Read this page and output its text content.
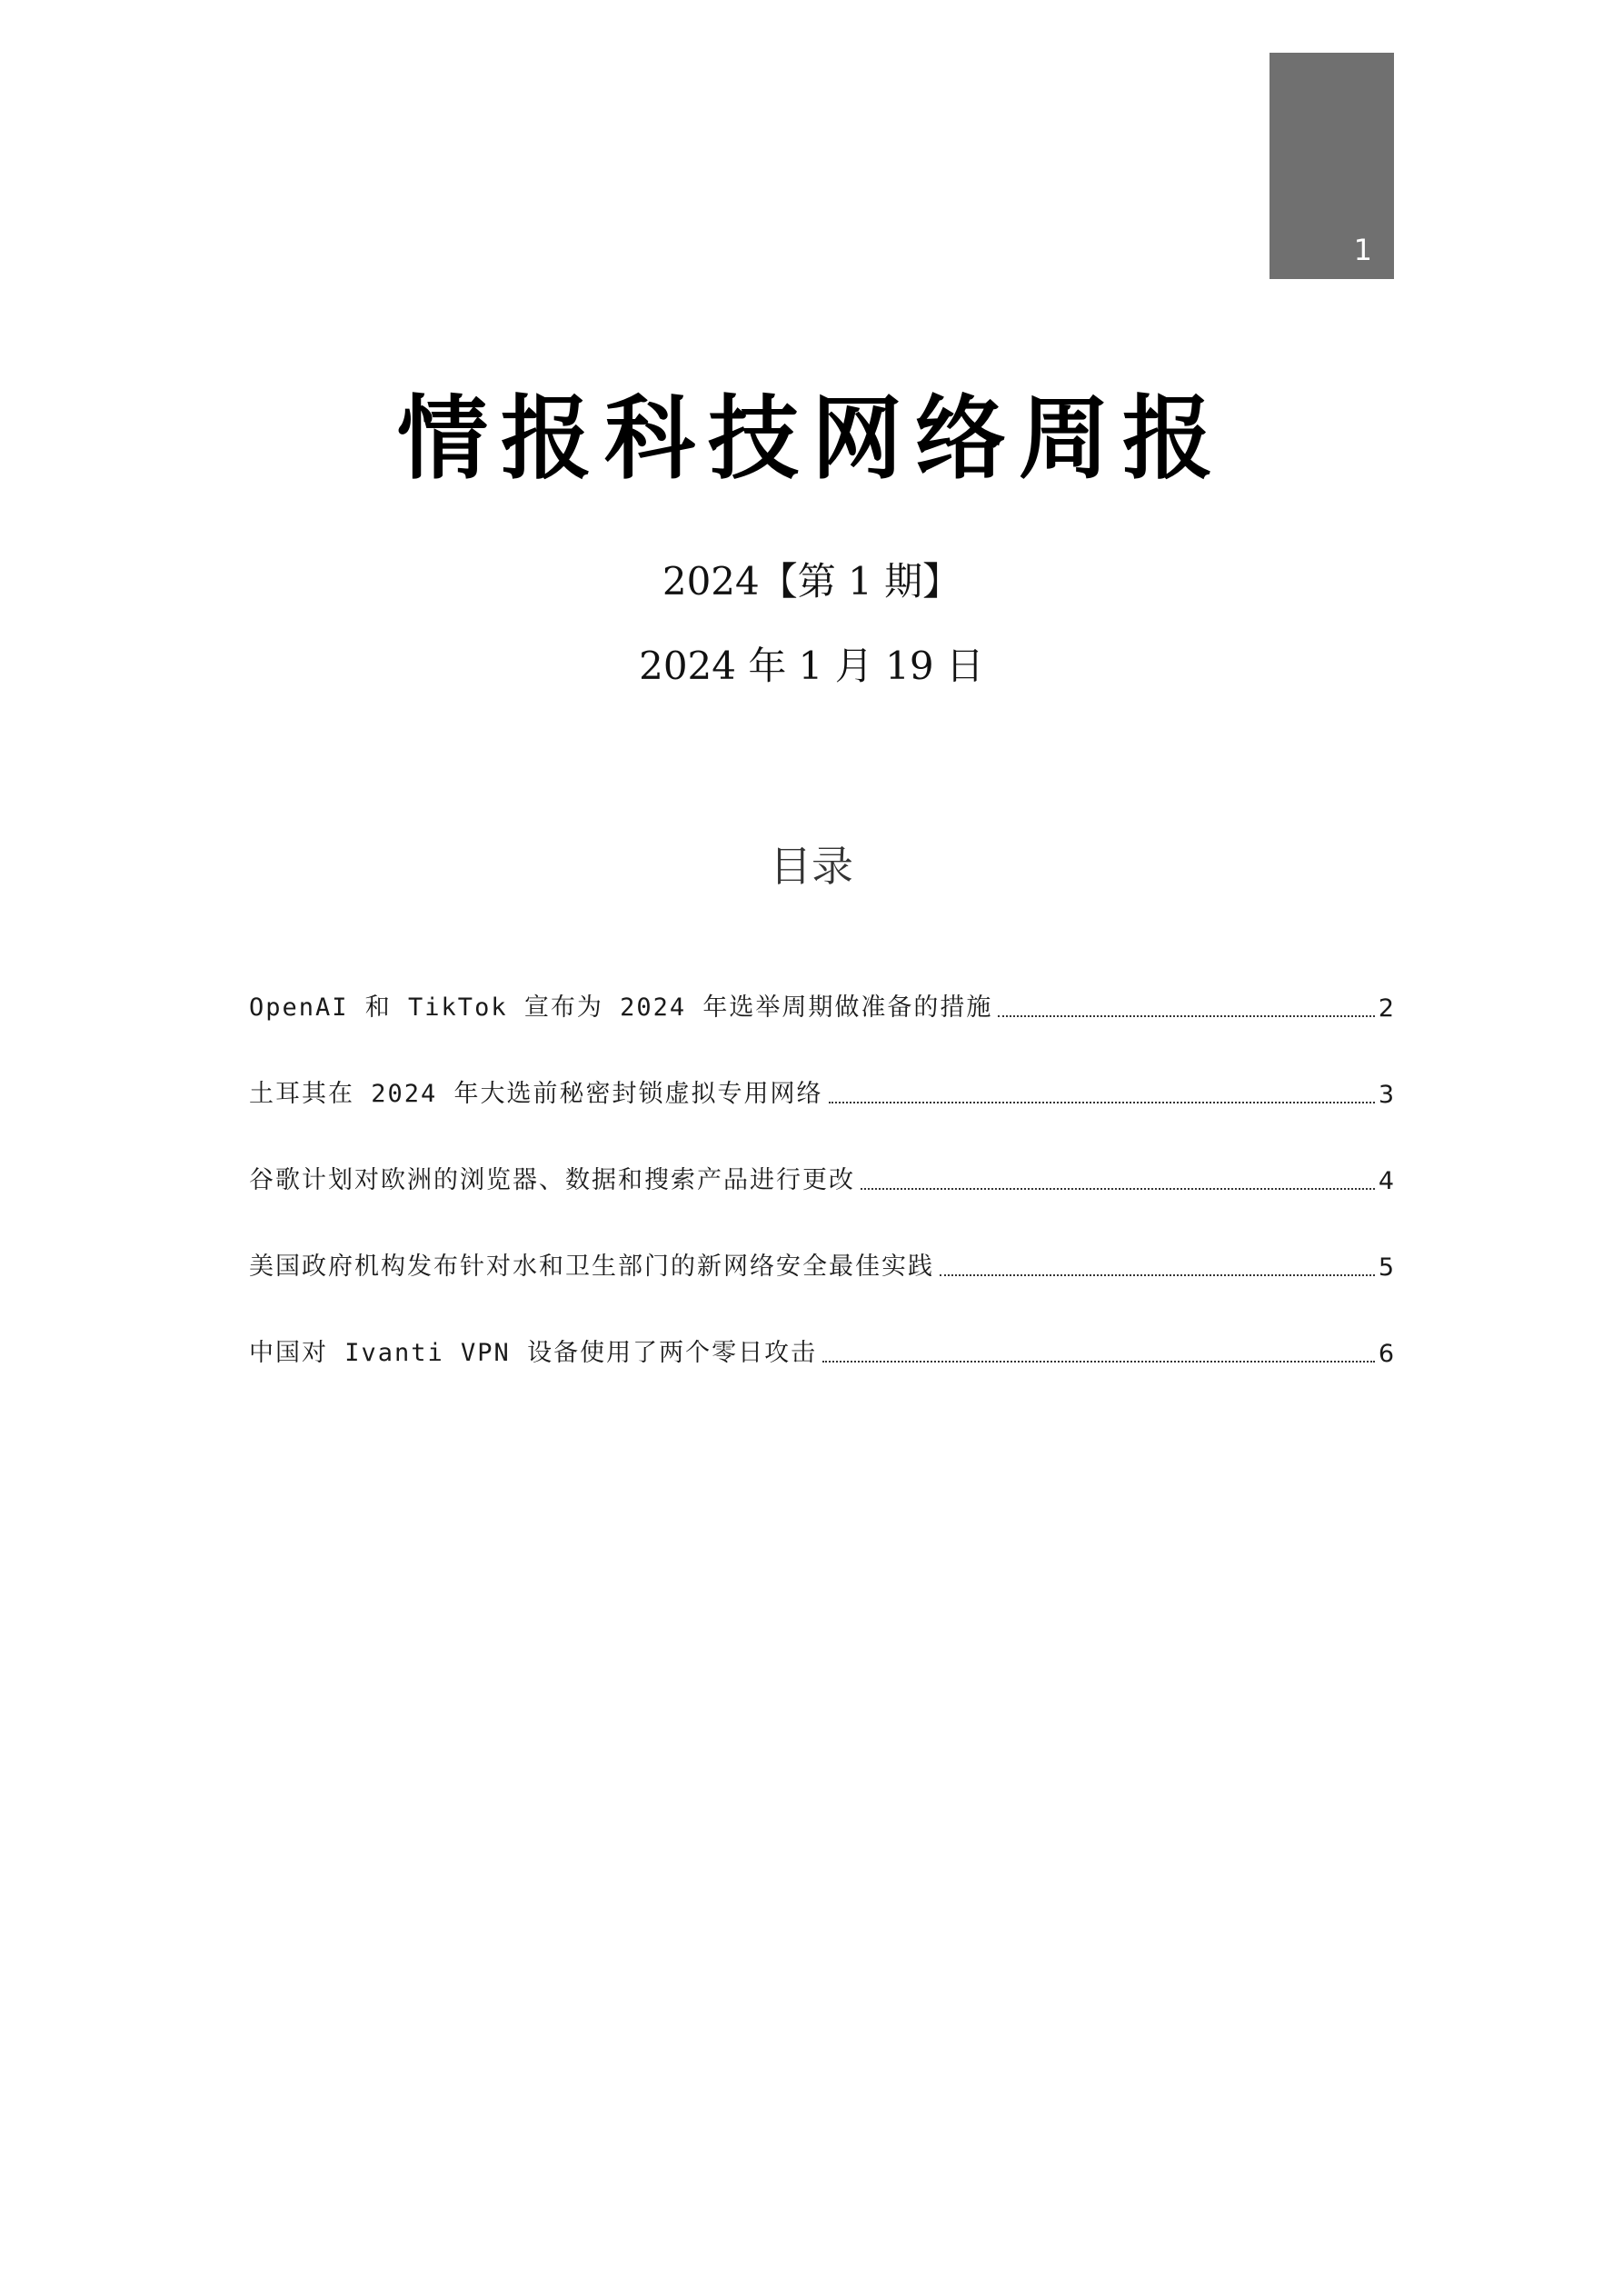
1
情报科技网络周报
2024【第 1 期】
2024 年 1 月 19 日
目录
OpenAI 和 TikTok 宣布为 2024 年选举周期做准备的措施	2
土耳其在 2024 年大选前秘密封锁虚拟专用网络	3
谷歌计划对欧洲的浏览器、数据和搜索产品进行更改	4
美国政府机构发布针对水和卫生部门的新网络安全最佳实践	5
中国对 Ivanti VPN 设备使用了两个零日攻击	6
